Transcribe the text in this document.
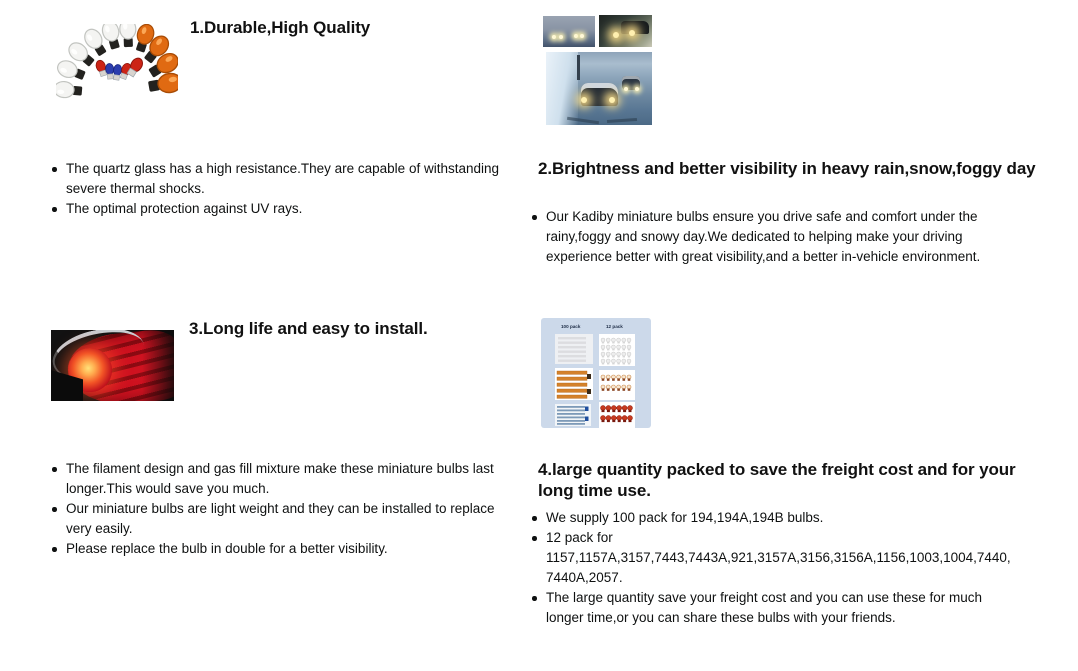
1.Durable,High Quality
The quartz glass has a high resistance.They are capable of withstanding severe thermal shocks.
The optimal protection against UV rays.
2.Brightness and better visibility in heavy rain,snow,foggy day
Our Kadiby miniature bulbs ensure you drive safe and comfort under the rainy,foggy and snowy day.We dedicated to helping make your driving experience better with great visibility,and a better in-vehicle environment.
3.Long life and easy to install.
The filament design and gas fill mixture make these miniature bulbs last longer.This would save you much.
Our miniature bulbs are light weight and they can be installed to replace very easily.
Please replace the bulb in double for a better visibility.
100 pack	12 pack
4.large quantity packed to save the freight cost and for your long time use.
We supply 100 pack for 194,194A,194B bulbs.
12 pack for 1157,1157A,3157,7443,7443A,921,3157A,3156,3156A,1156,1003,1004,7440,7440A,2057.
The large quantity save your freight cost and you can use these for much longer time,or you can share these bulbs with your friends.
